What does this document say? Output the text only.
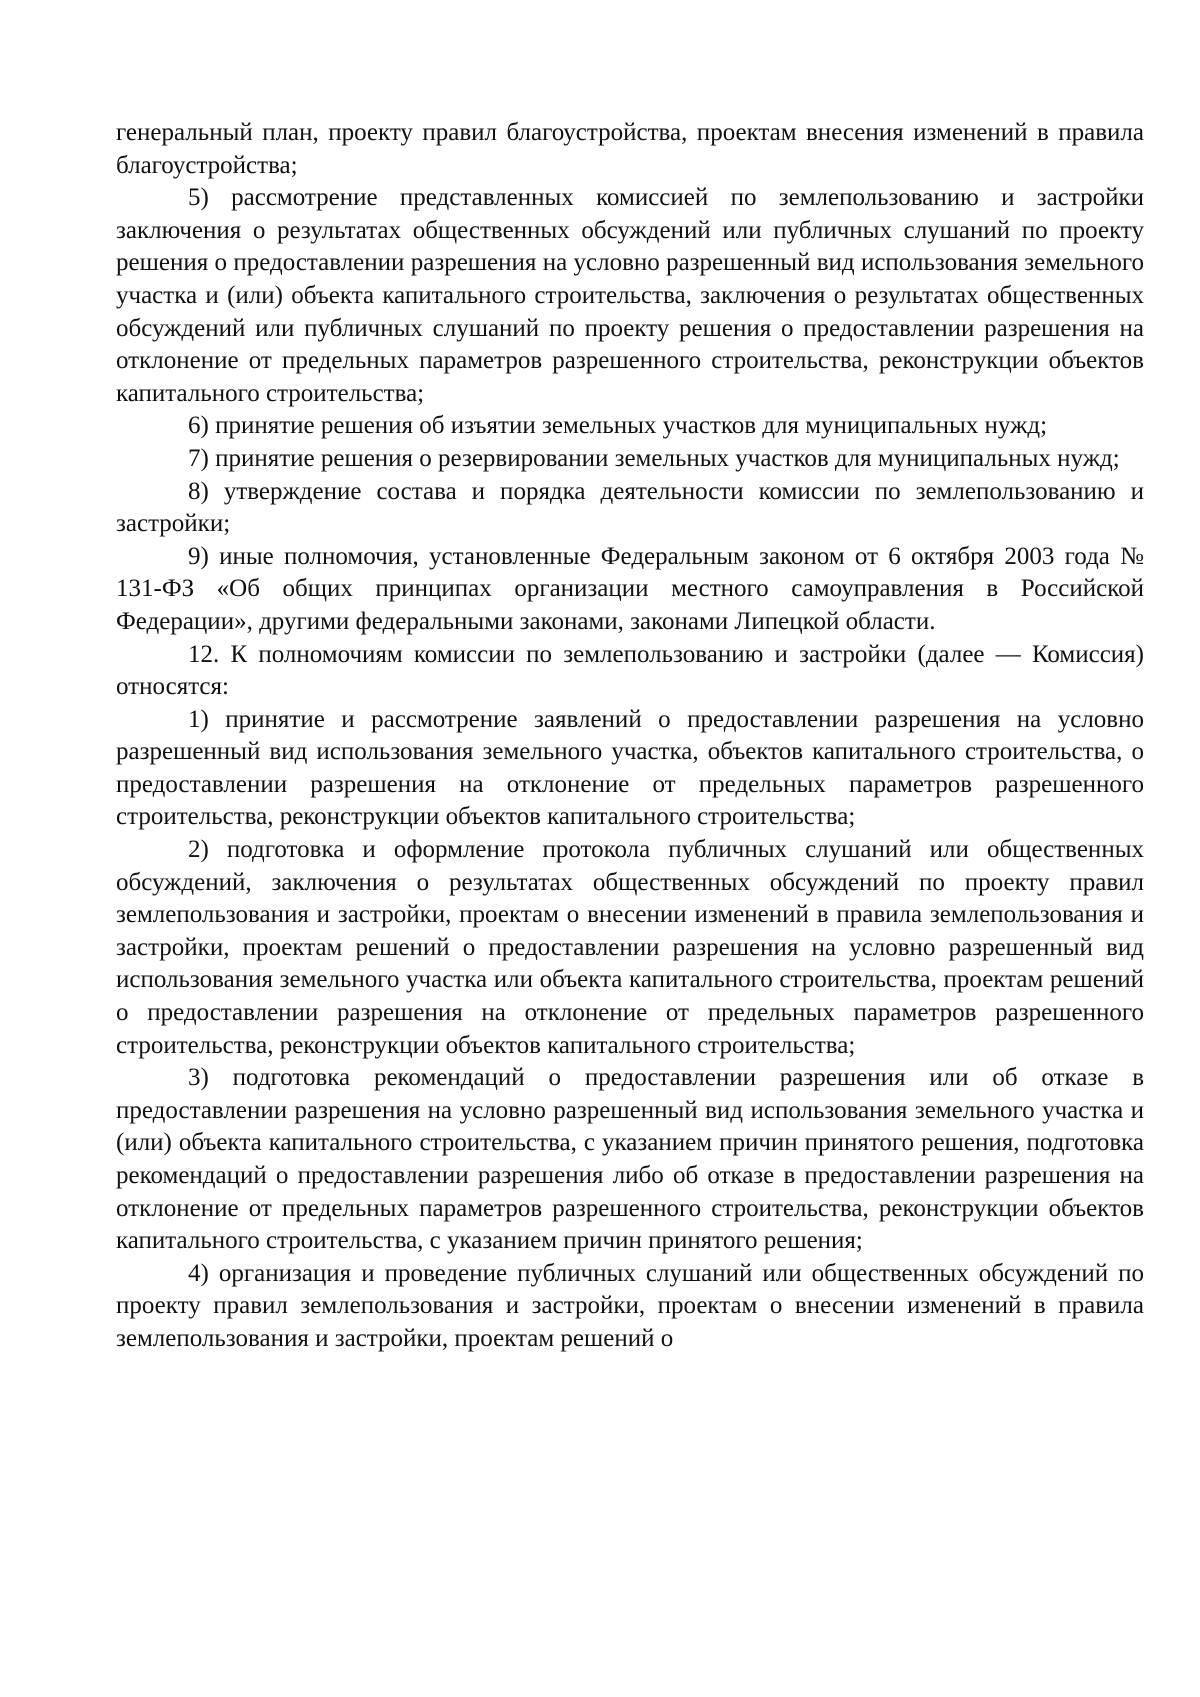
генеральный план, проекту правил благоустройства, проектам внесения изменений в правила благоустройства;

5) рассмотрение представленных комиссией по землепользованию и застройки заключения о результатах общественных обсуждений или публичных слушаний по проекту решения о предоставлении разрешения на условно разрешенный вид использования земельного участка и (или) объекта капитального строительства, заключения о результатах общественных обсуждений или публичных слушаний по проекту решения о предоставлении разрешения на отклонение от предельных параметров разрешенного строительства, реконструкции объектов капитального строительства;

6) принятие решения об изъятии земельных участков для муниципальных нужд;

7) принятие решения о резервировании земельных участков для муниципальных нужд;

8) утверждение состава и порядка деятельности комиссии по землепользованию и застройки;

9) иные полномочия, установленные Федеральным законом от 6 октября 2003 года № 131-ФЗ «Об общих принципах организации местного самоуправления в Российской Федерации», другими федеральными законами, законами Липецкой области.

12. К полномочиям комиссии по землепользованию и застройки (далее — Комиссия) относятся:

1) принятие и рассмотрение заявлений о предоставлении разрешения на условно разрешенный вид использования земельного участка, объектов капитального строительства, о предоставлении разрешения на отклонение от предельных параметров разрешенного строительства, реконструкции объектов капитального строительства;

2) подготовка и оформление протокола публичных слушаний или общественных обсуждений, заключения о результатах общественных обсуждений по проекту правил землепользования и застройки, проектам о внесении изменений в правила землепользования и застройки, проектам решений о предоставлении разрешения на условно разрешенный вид использования земельного участка или объекта капитального строительства, проектам решений о предоставлении разрешения на отклонение от предельных параметров разрешенного строительства, реконструкции объектов капитального строительства;

3) подготовка рекомендаций о предоставлении разрешения или об отказе в предоставлении разрешения на условно разрешенный вид использования земельного участка и (или) объекта капитального строительства, с указанием причин принятого решения, подготовка рекомендаций о предоставлении разрешения либо об отказе в предоставлении разрешения на отклонение от предельных параметров разрешенного строительства, реконструкции объектов капитального строительства, с указанием причин принятого решения;

4) организация и проведение публичных слушаний или общественных обсуждений по проекту правил землепользования и застройки, проектам о внесении изменений в правила землепользования и застройки, проектам решений о
